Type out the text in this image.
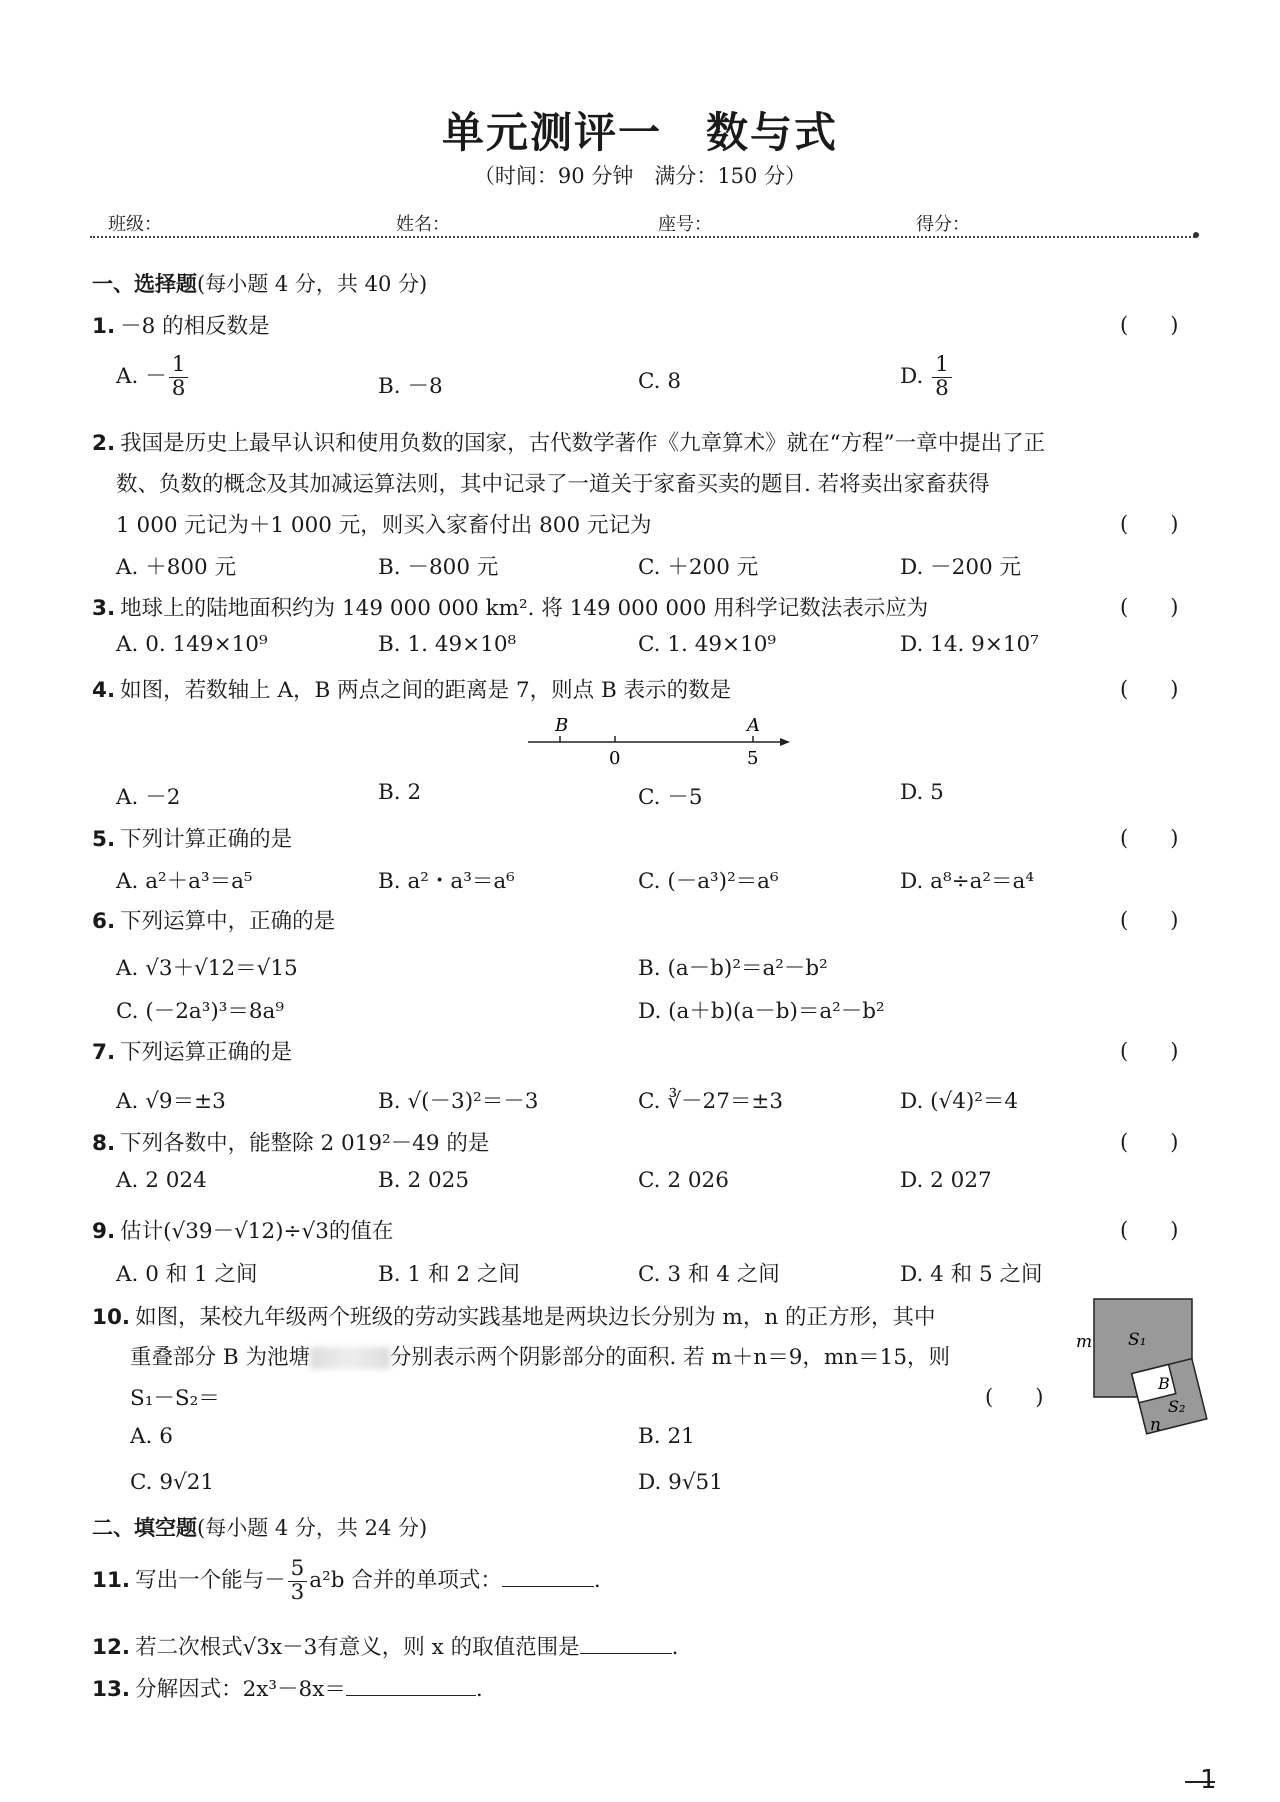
单元测评一　数与式
（时间：90 分钟　满分：150 分）
班级：	姓名：	座号：	得分：
一、选择题(每小题 4 分，共 40 分)
1. －8 的相反数是	(　　)
A. － $\frac{1}{8}$	B. －8	C. 8	D. $\frac{1}{8}$
2. 我国是历史上最早认识和使用负数的国家，古代数学著作《九章算术》就在“方程”一章中提出了正
数、负数的概念及其加减运算法则，其中记录了一道关于家畜买卖的题目. 若将卖出家畜获得
1 000 元记为＋1 000 元，则买入家畜付出 800 元记为	(　　)
A. ＋800 元	B. －800 元	C. ＋200 元	D. －200 元
3. 地球上的陆地面积约为 149 000 000 km². 将 149 000 000 用科学记数法表示应为	(　　)
A. 0. 149×10⁹	B. 1. 49×10⁸	C. 1. 49×10⁹	D. 14. 9×10⁷
4. 如图，若数轴上 A，B 两点之间的距离是 7，则点 B 表示的数是	(　　)
B	A
0	5
A. －2	B. 2	C. －5	D. 5
5. 下列计算正确的是	(　　)
A. a²＋a³＝a⁵	B. a²・a³＝a⁶	C. (－a³)²＝a⁶	D. a⁸÷a²＝a⁴
6. 下列运算中，正确的是	(　　)
A. √3＋√12＝√15	B. (a－b)²＝a²－b²
C. (－2a³)³＝8a⁹	D. (a＋b)(a－b)＝a²－b²
7. 下列运算正确的是	(　　)
A. √9＝±3	B. √(－3)²＝－3	C. ∛－27＝±3	D. (√4)²＝4
8. 下列各数中，能整除 2 019²－49 的是	(　　)
A. 2 024	B. 2 025	C. 2 026	D. 2 027
9. 估计(√39－√12)÷√3的值在	(　　)
A. 0 和 1 之间	B. 1 和 2 之间	C. 3 和 4 之间	D. 4 和 5 之间
10. 如图，某校九年级两个班级的劳动实践基地是两块边长分别为 m，n 的正方形，其中
重叠部分 B 为池塘	分别表示两个阴影部分的面积. 若 m＋n＝9，mn＝15，则
S₁－S₂＝	(　　)
m S₁
B
S₂
n
A. 6	B. 21
C. 9√21	D. 9√51
二、填空题(每小题 4 分，共 24 分)
11. 写出一个能与－ $\frac{5}{3} a^2b$ 合并的单项式：	.
12. 若二次根式√3x－3有意义，则 x 的取值范围是	.
13. 分解因式：2x³－8x＝	.
1
